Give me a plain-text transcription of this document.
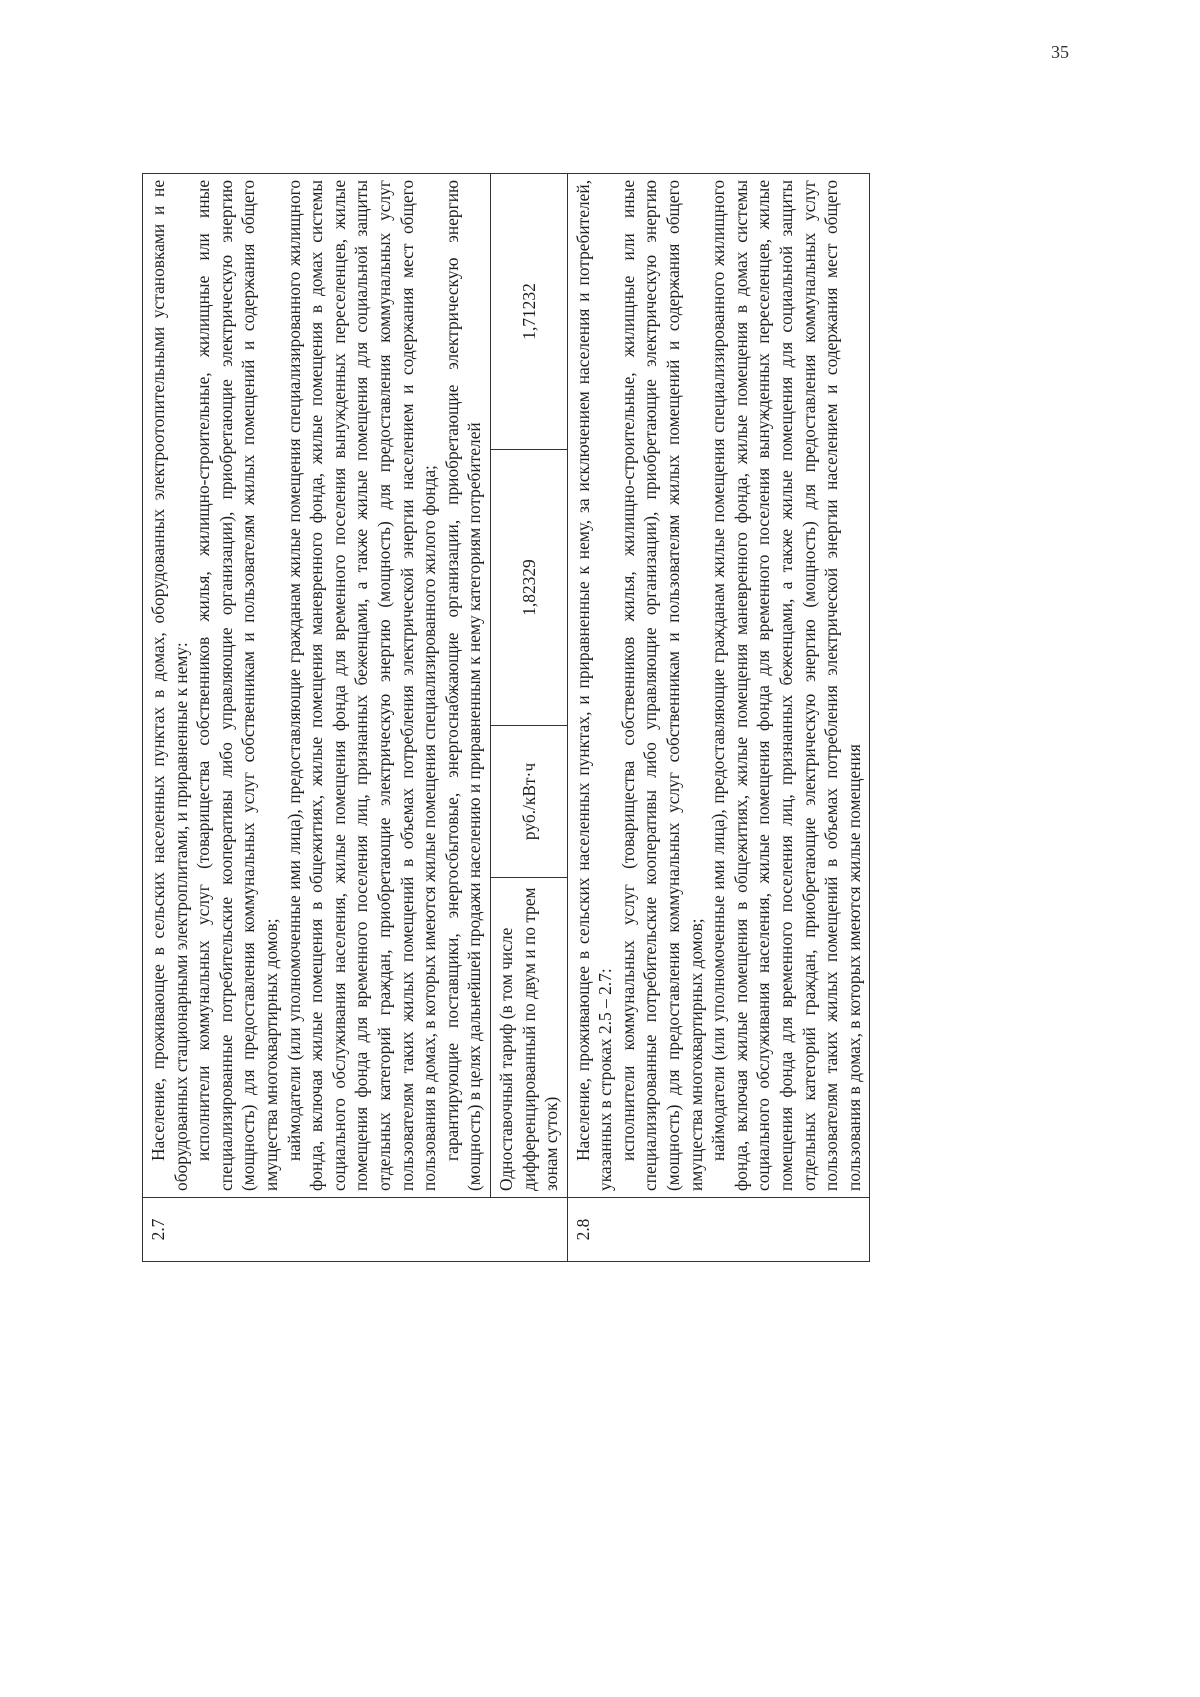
35
2.7	Население, проживающее в сельских населенных пунктах в домах, оборудованных электроотопительными установками и не оборудованных стационарными электроплитами, и приравненные к нему: исполнители коммунальных услуг (товарищества собственников жилья, жилищно-строительные, жилищные или иные специализированные потребительские кооперативы либо управляющие организации), приобретающие электрическую энергию (мощность) для предоставления коммунальных услуг собственникам и пользователям жилых помещений и содержания общего имущества многоквартирных домов; наймодатели (или уполномоченные ими лица), предоставляющие гражданам жилые помещения специализированного жилищного фонда, включая жилые помещения в общежитиях, жилые помещения маневренного фонда, жилые помещения в домах системы социального обслуживания населения, жилые помещения фонда для временного поселения вынужденных переселенцев, жилые помещения фонда для временного поселения лиц, признанных беженцами, а также жилые помещения для социальной защиты отдельных категорий граждан, приобретающие электрическую энергию (мощность) для предоставления коммунальных услуг пользователям таких жилых помещений в объемах потребления электрической энергии населением и содержания мест общего пользования в домах, в которых имеются жилые помещения специализированного жилого фонда; гарантирующие поставщики, энергосбытовые, энергоснабжающие организации, приобретающие электрическую энергию (мощность) в целях дальнейшей продажи населению и приравненным к нему категориям потребителей			

	Одноставочный тариф (в том числе дифференцированный по двум и по трем зонам суток)	руб./кВт·ч	1,82329	1,71232
2.8	Население, проживающее в сельских населенных пунктах, и приравненные к нему, за исключением населения и потребителей, указанных в строках 2.5 – 2.7: исполнители коммунальных услуг (товарищества собственников жилья, жилищно-строительные, жилищные или иные специализированные потребительские кооперативы либо управляющие организации), приобретающие электрическую энергию (мощность) для предоставления коммунальных услуг собственникам и пользователям жилых помещений и содержания общего имущества многоквартирных домов; наймодатели (или уполномоченные ими лица), предоставляющие гражданам жилые помещения специализированного жилищного фонда, включая жилые помещения в общежитиях, жилые помещения маневренного фонда, жилые помещения в домах системы социального обслуживания населения, жилые помещения фонда для временного поселения вынужденных переселенцев, жилые помещения фонда для временного поселения лиц, признанных беженцами, а также жилые помещения для социальной защиты отдельных категорий граждан, приобретающие электрическую энергию (мощность) для предоставления коммунальных услуг пользователям таких жилых помещений в объемах потребления электрической энергии населением и содержания мест общего пользования в домах, в которых имеются жилые помещения			
